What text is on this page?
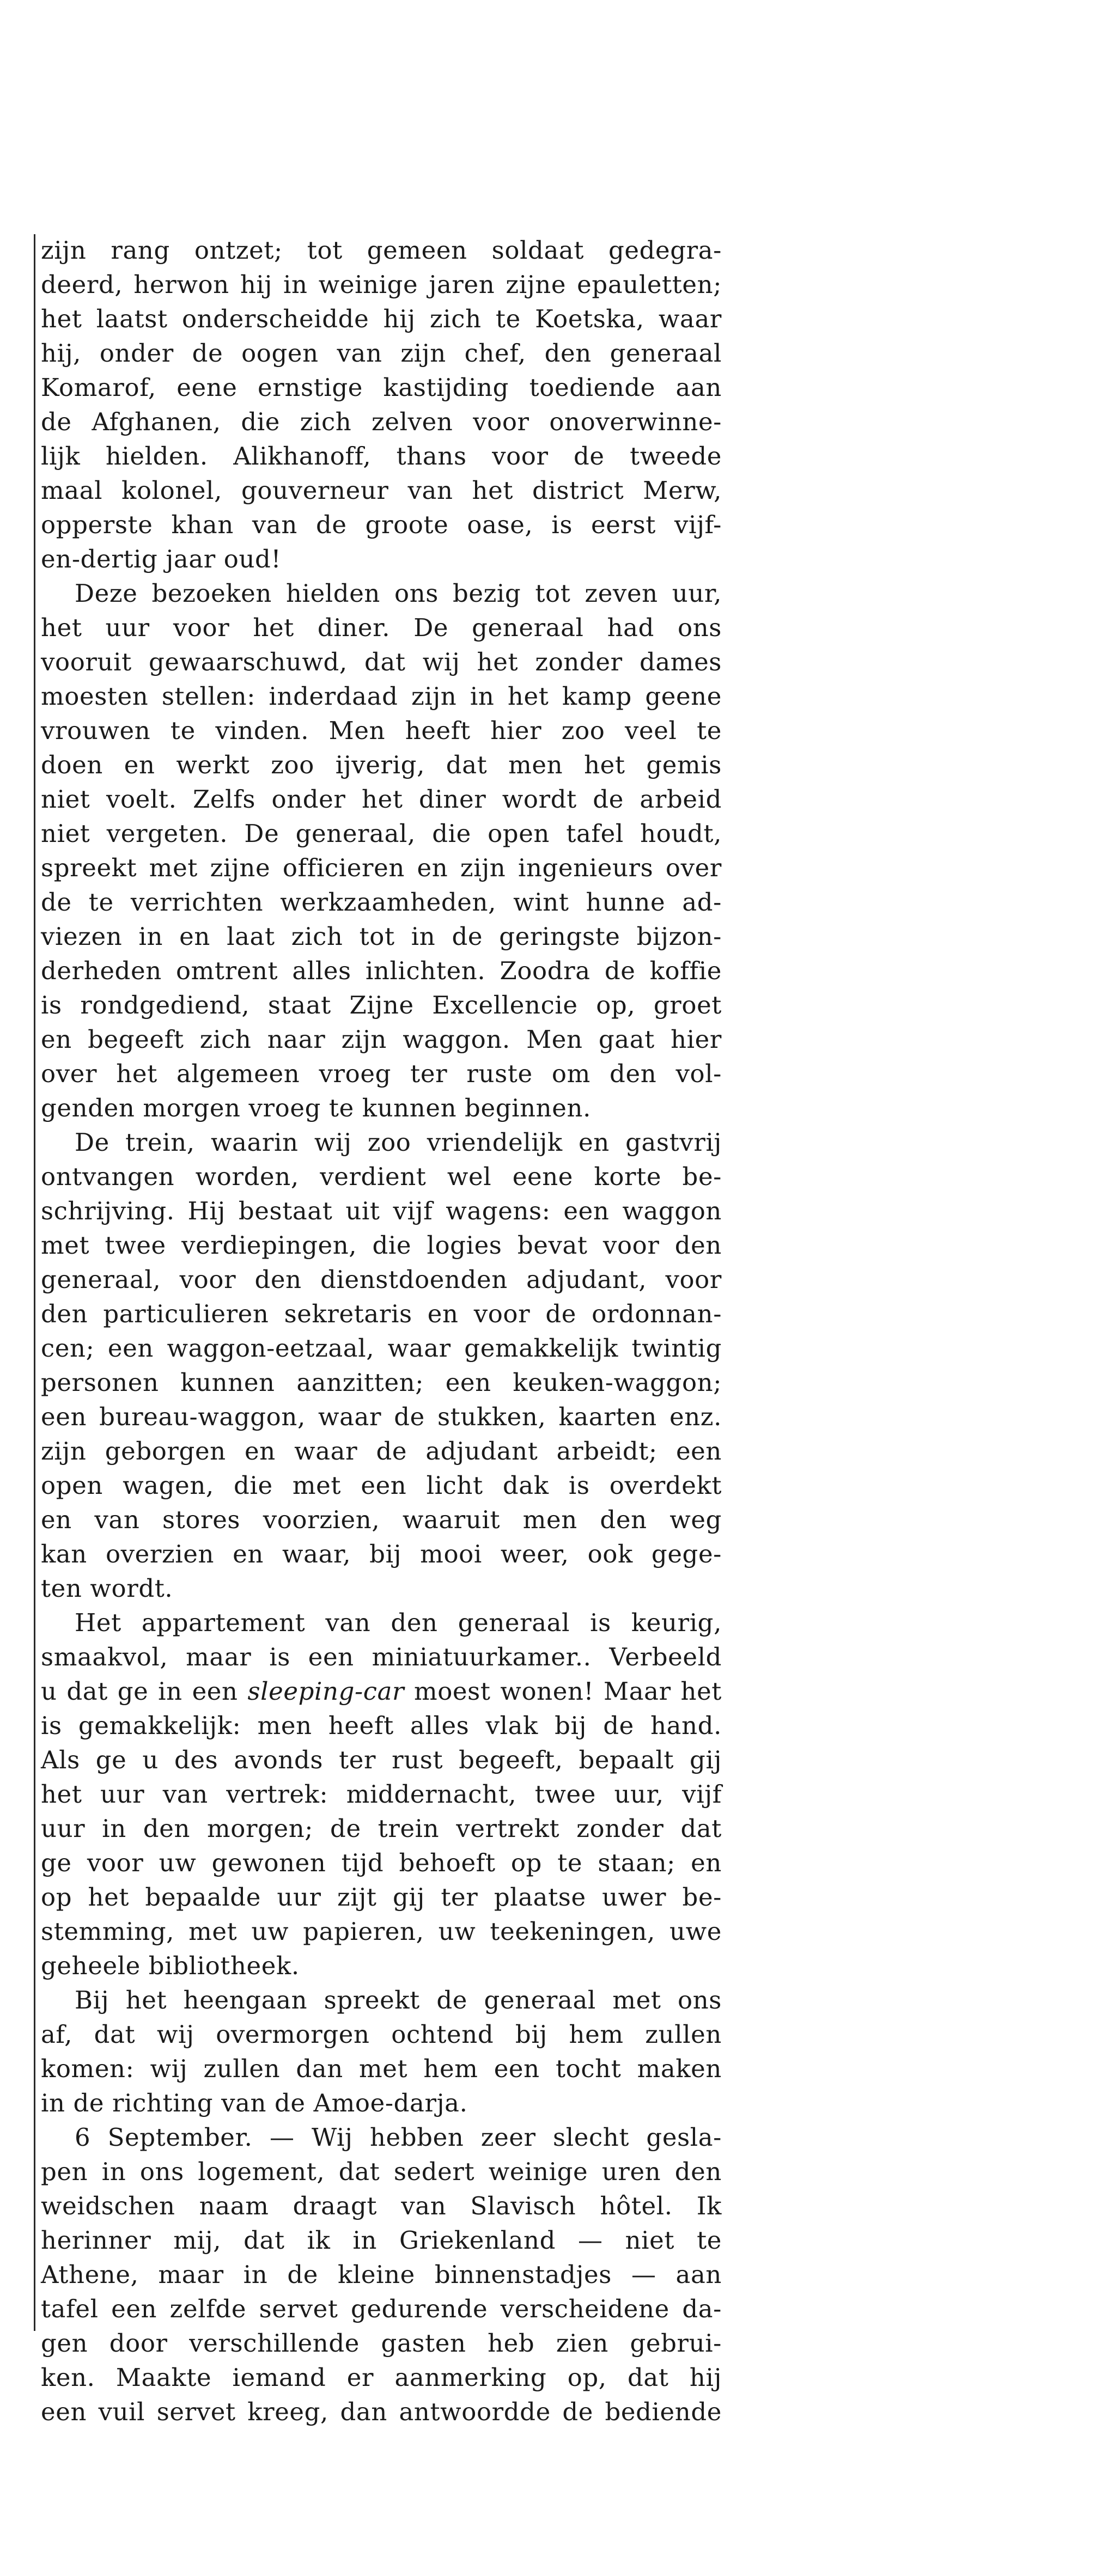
zijn rang ontzet; tot gemeen soldaat gedegra-
deerd, herwon hij in weinige jaren zijne epauletten;
het laatst onderscheidde hij zich te Koetska, waar
hij, onder de oogen van zijn chef, den generaal
Komarof, eene ernstige kastijding toediende aan
de Afghanen, die zich zelven voor onoverwinne-
lijk hielden. Alikhanoff, thans voor de tweede
maal kolonel, gouverneur van het district Merw,
opperste khan van de groote oase, is eerst vijf-
en-dertig jaar oud!
Deze bezoeken hielden ons bezig tot zeven uur,
het uur voor het diner. De generaal had ons
vooruit gewaarschuwd, dat wij het zonder dames
moesten stellen: inderdaad zijn in het kamp geene
vrouwen te vinden. Men heeft hier zoo veel te
doen en werkt zoo ijverig, dat men het gemis
niet voelt. Zelfs onder het diner wordt de arbeid
niet vergeten. De generaal, die open tafel houdt,
spreekt met zijne officieren en zijn ingenieurs over
de te verrichten werkzaamheden, wint hunne ad-
viezen in en laat zich tot in de geringste bijzon-
derheden omtrent alles inlichten. Zoodra de koffie
is rondgediend, staat Zijne Excellencie op, groet
en begeeft zich naar zijn waggon. Men gaat hier
over het algemeen vroeg ter ruste om den vol-
genden morgen vroeg te kunnen beginnen.
De trein, waarin wij zoo vriendelijk en gastvrij
ontvangen worden, verdient wel eene korte be-
schrijving. Hij bestaat uit vijf wagens: een waggon
met twee verdiepingen, die logies bevat voor den
generaal, voor den dienstdoenden adjudant, voor
den particulieren sekretaris en voor de ordonnan-
cen; een waggon-eetzaal, waar gemakkelijk twintig
personen kunnen aanzitten; een keuken-waggon;
een bureau-waggon, waar de stukken, kaarten enz.
zijn geborgen en waar de adjudant arbeidt; een
open wagen, die met een licht dak is overdekt
en van stores voorzien, waaruit men den weg
kan overzien en waar, bij mooi weer, ook gege-
ten wordt.
Het appartement van den generaal is keurig,
smaakvol, maar is een miniatuurkamer.. Verbeeld
u dat ge in een sleeping-car moest wonen! Maar het
is gemakkelijk: men heeft alles vlak bij de hand.
Als ge u des avonds ter rust begeeft, bepaalt gij
het uur van vertrek: middernacht, twee uur, vijf
uur in den morgen; de trein vertrekt zonder dat
ge voor uw gewonen tijd behoeft op te staan; en
op het bepaalde uur zijt gij ter plaatse uwer be-
stemming, met uw papieren, uw teekeningen, uwe
geheele bibliotheek.
Bij het heengaan spreekt de generaal met ons
af, dat wij overmorgen ochtend bij hem zullen
komen: wij zullen dan met hem een tocht maken
in de richting van de Amoe-darja.
6 September. — Wij hebben zeer slecht gesla-
pen in ons logement, dat sedert weinige uren den
weidschen naam draagt van Slavisch hôtel. Ik
herinner mij, dat ik in Griekenland — niet te
Athene, maar in de kleine binnenstadjes — aan
tafel een zelfde servet gedurende verscheidene da-
gen door verschillende gasten heb zien gebrui-
ken. Maakte iemand er aanmerking op, dat hij
een vuil servet kreeg, dan antwoordde de bediende
